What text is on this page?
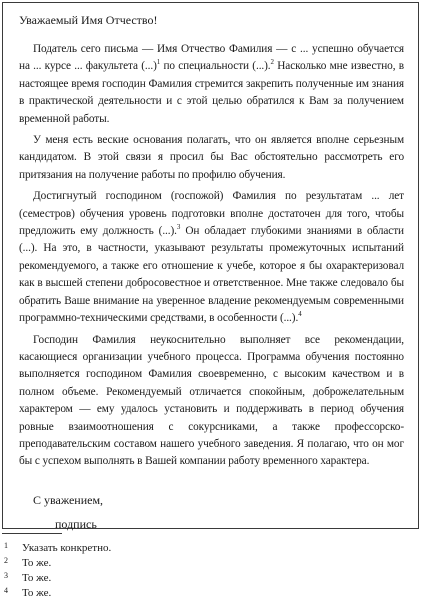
Уважаемый Имя Отчество!

Податель сего письма — Имя Отчество Фамилия — с ... успешно обучается на ... курсе ... факультета (...)$^1$ по специальности (...).$^2$ Насколько мне известно, в настоящее время господин Фамилия стремится закрепить полученные им знания в практической деятельности и с этой целью обратился к Вам за получением временной работы.

У меня есть веские основания полагать, что он является вполне серьезным кандидатом. В этой связи я просил бы Вас обстоятельно рассмотреть его притязания на получение работы по профилю обучения.

Достигнутый господином (госпожой) Фамилия по результатам ... лет (семестров) обучения уровень подготовки вполне достаточен для того, чтобы предложить ему должность (...).$^3$ Он обладает глубокими знаниями в области (...). На это, в частности, указывают результаты промежуточных испытаний рекомендуемого, а также его отношение к учебе, которое я бы охарактеризовал как в высшей степени добросовестное и ответственное. Мне также следовало бы обратить Ваше внимание на уверенное владение рекомендуемым современными программно-техническими средствами, в особенности (...).$^4$

Господин Фамилия неукоснительно выполняет все рекомендации, касающиеся организации учебного процесса. Программа обучения постоянно выполняется господином Фамилия своевременно, с высоким качеством и в полном объеме. Рекомендуемый отличается спокойным, доброжелательным характером — ему удалось установить и поддерживать в период обучения ровные взаимоотношения с сокурсниками, а также профессорско-преподавательским составом нашего учебного заведения. Я полагаю, что он мог бы с успехом выполнять в Вашей компании работу временного характера.

С уважением,

подпись

1	Указать конкретно.
2	То же.
3	То же.
4	То же.
